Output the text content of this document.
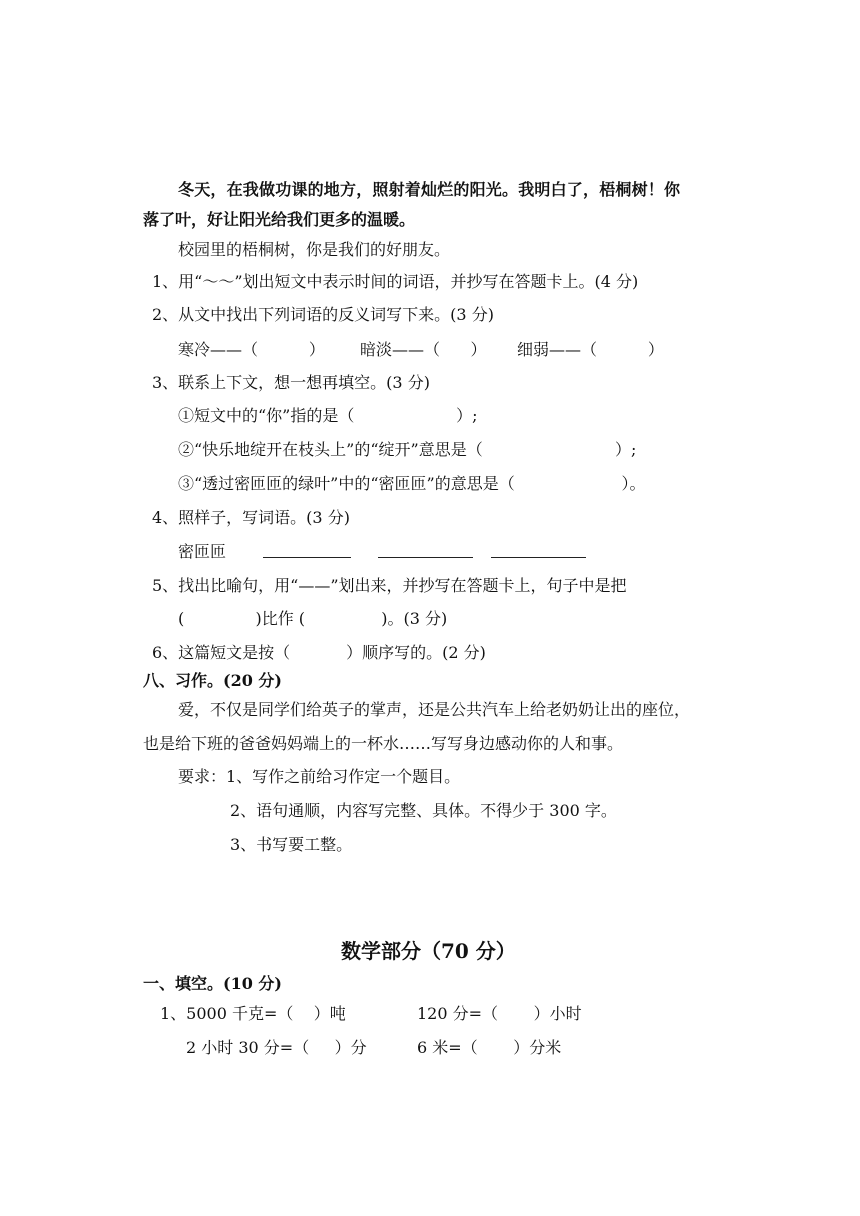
冬天，在我做功课的地方，照射着灿烂的阳光。我明白了，梧桐树！你
落了叶，好让阳光给我们更多的温暖。
校园里的梧桐树，你是我们的好朋友。
1、用“～～”划出短文中表示时间的词语，并抄写在答题卡上。(4 分)
2、从文中找出下列词语的反义词写下来。(3 分)
寒冷——（          ） 暗淡——（      ） 细弱——（          ）
3、联系上下文，想一想再填空。(3 分)
①短文中的“你”指的是（                    ）;
②“快乐地绽开在枝头上”的“绽开”意思是（                          ）;
③“透过密匝匝的绿叶”中的“密匝匝”的意思是（                     ）。
4、照样子，写词语。(3 分)
密匝匝
5、找出比喻句，用“——”划出来，并抄写在答题卡上，句子中是把
(              )比作 (               )。(3 分)
6、这篇短文是按（           ）顺序写的。(2 分)
八、习作。(20 分)
爱，不仅是同学们给英子的掌声，还是公共汽车上给老奶奶让出的座位，
也是给下班的爸爸妈妈端上的一杯水……写写身边感动你的人和事。
要求：1、写作之前给习作定一个题目。
2、语句通顺，内容写完整、具体。不得少于 300 字。
3、书写要工整。
数学部分（70 分）
一、填空。(10 分)
1、5000 千克=（    ）吨	120 分=（       ）小时
2 小时 30 分=（     ）分	6 米=（       ）分米
